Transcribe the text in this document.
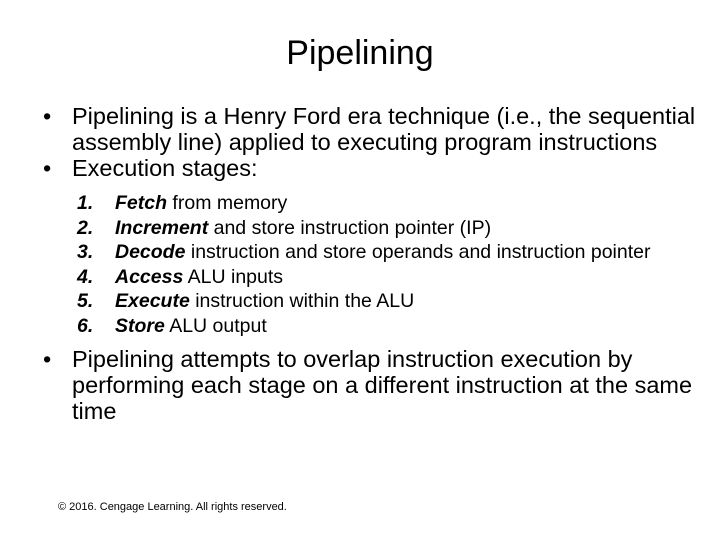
Pipelining
• Pipelining is a Henry Ford era technique (i.e., the sequential assembly line) applied to executing program instructions
• Execution stages:
1. Fetch from memory
2. Increment and store instruction pointer (IP)
3. Decode instruction and store operands and instruction pointer
4. Access ALU inputs
5. Execute instruction within the ALU
6. Store ALU output
• Pipelining attempts to overlap instruction execution by performing each stage on a different instruction at the same time
© 2016. Cengage Learning. All rights reserved.
